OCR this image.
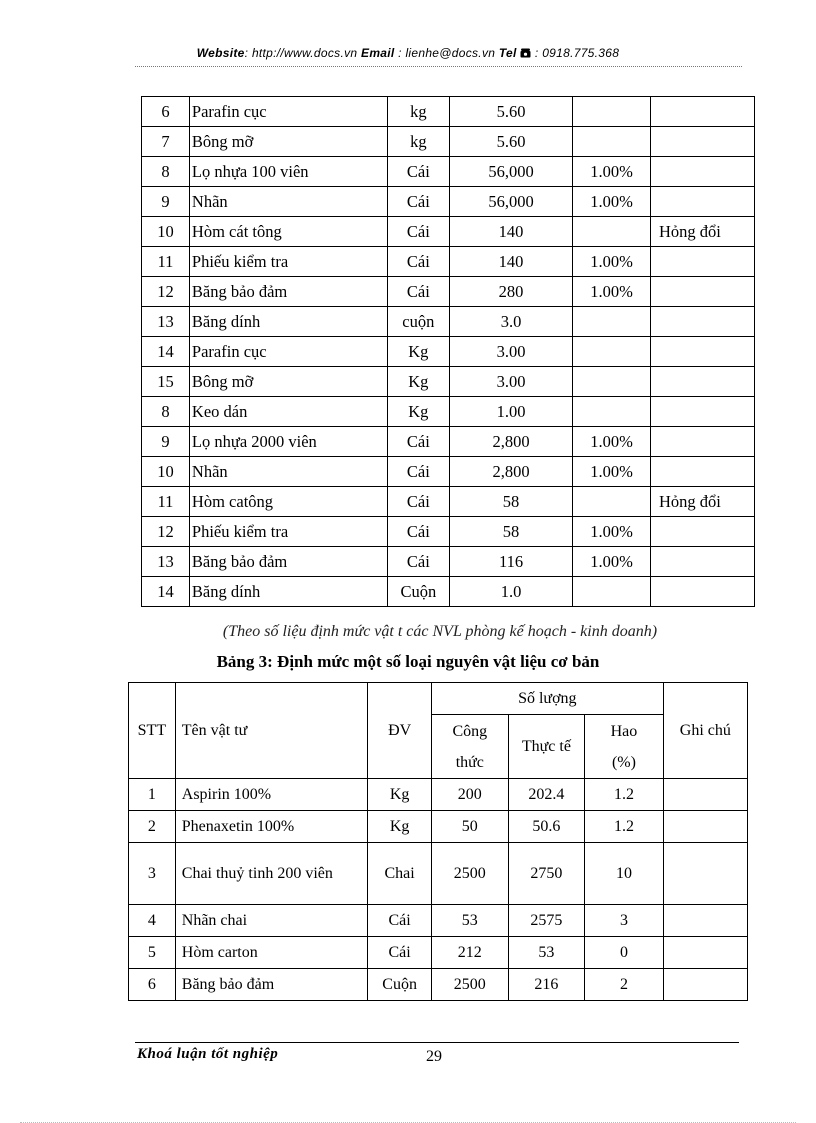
Website: http://www.docs.vn Email : lienhe@docs.vn Tel  : 0918.775.368
6	Parafin cục	kg	5.60		
7	Bông mỡ	kg	5.60		
8	Lọ nhựa 100 viên	Cái	56,000	1.00%	
9	Nhãn	Cái	56,000	1.00%	
10	Hòm cát tông	Cái	140		Hỏng đổi
11	Phiếu kiểm tra	Cái	140	1.00%	
12	Băng bảo đảm	Cái	280	1.00%	
13	Băng dính	cuộn	3.0		
14	Parafin cục	Kg	3.00		
15	Bông mỡ	Kg	3.00		
8	Keo dán	Kg	1.00		
9	Lọ nhựa 2000 viên	Cái	2,800	1.00%	
10	Nhãn	Cái	2,800	1.00%	
11	Hòm catông	Cái	58		Hỏng đổi
12	Phiếu kiểm tra	Cái	58	1.00%	
13	Băng bảo đảm	Cái	116	1.00%	
14	Băng dính	Cuộn	1.0		
(Theo số liệu định mức vật t các NVL phòng kế hoạch - kinh doanh)
Bảng 3: Định mức một số loại nguyên vật liệu cơ bản
STT	Tên vật tư	ĐV	Số lượng			Ghi chú

			Công thức	Thực tế	Hao (%)	

1	Aspirin 100%	Kg	200	202.4	1.2	
2	Phenaxetin 100%	Kg	50	50.6	1.2	
3	Chai thuỷ tinh 200 viên	Chai	2500	2750	10	
4	Nhãn chai	Cái	53	2575	3	
5	Hòm carton	Cái	212	53	0	
6	Băng bảo đảm	Cuộn	2500	216	2	
Khoá luận tốt nghiệp	29
